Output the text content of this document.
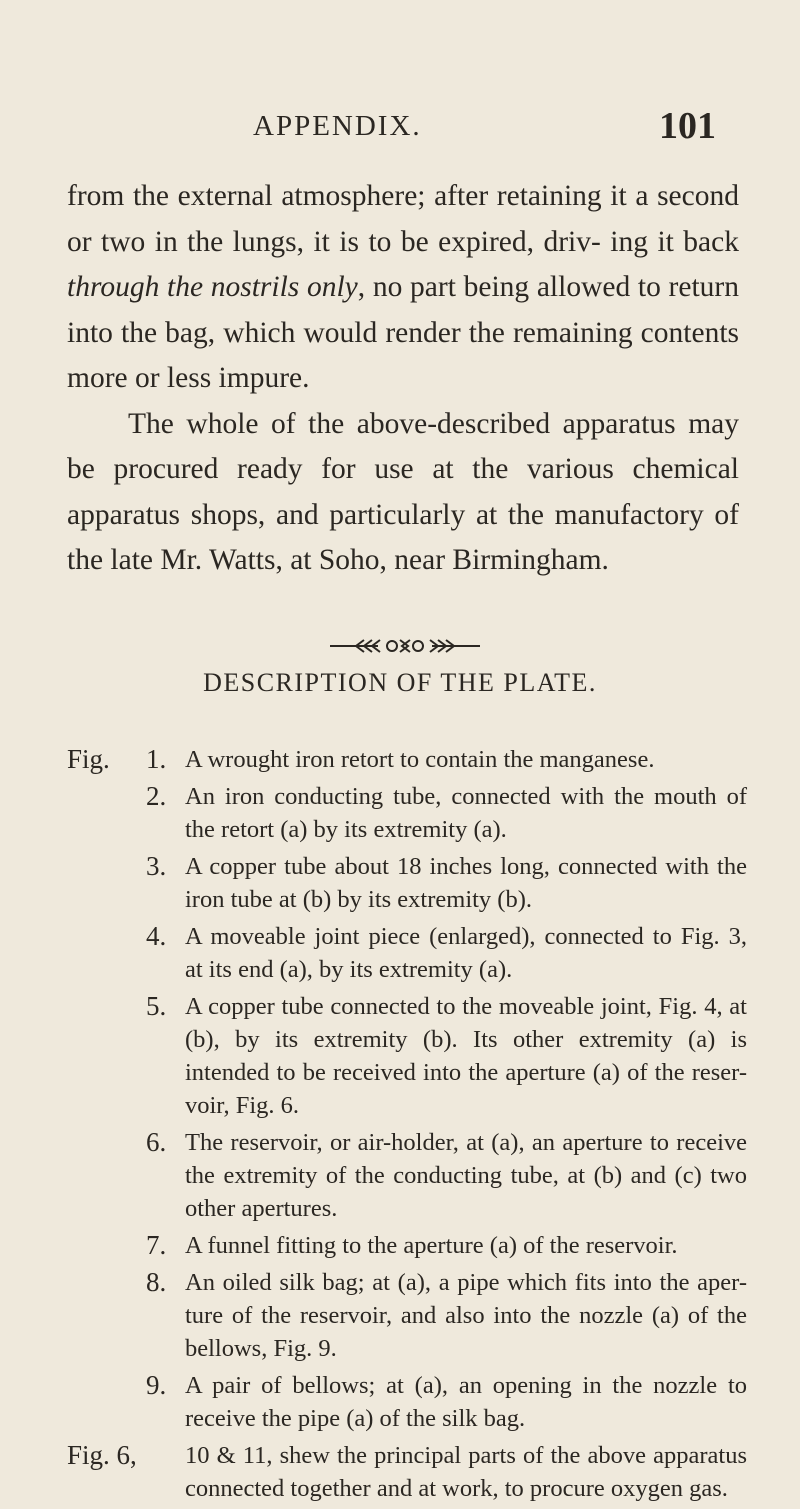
APPENDIX.	101

from the external atmosphere; after retaining it a second or two in the lungs, it is to be expired, driv- ing it back through the nostrils only, no part being allowed to return into the bag, which would render the remaining contents more or less impure.

The whole of the above-described apparatus may be procured ready for use at the various chemical apparatus shops, and particularly at the manufactory of the late Mr. Watts, at Soho, near Birmingham.

DESCRIPTION OF THE PLATE.
Fig. 1. A wrought iron retort to contain the manganese.
2. An iron conducting tube, connected with the mouth of the retort (a) by its extremity (a).
3. A copper tube about 18 inches long, connected with the iron tube at (b) by its extremity (b).
4. A moveable joint piece (enlarged), connected to Fig. 3, at its end (a), by its extremity (a).
5. A copper tube connected to the moveable joint, Fig. 4, at (b), by its extremity (b). Its other extremity (a) is intended to be received into the aperture (a) of the reser- voir, Fig. 6.
6. The reservoir, or air-holder, at (a), an aperture to receive the extremity of the conducting tube, at (b) and (c) two other apertures.
7. A funnel fitting to the aperture (a) of the reservoir.
8. An oiled silk bag; at (a), a pipe which fits into the aper- ture of the reservoir, and also into the nozzle (a) of the bellows, Fig. 9.
9. A pair of bellows; at (a), an opening in the nozzle to receive the pipe (a) of the silk bag.
Fig. 6, 10 & 11, shew the principal parts of the above apparatus connected together and at work, to procure oxygen gas.
